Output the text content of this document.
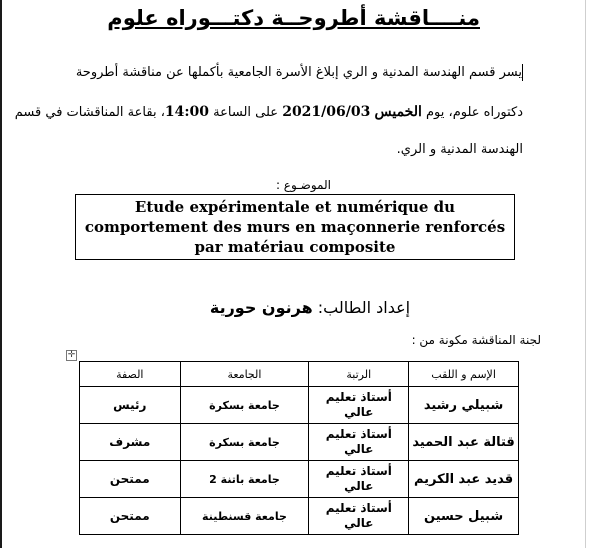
منــــاقشة أطروحــة دكتـــوراه علوم
يسر قسم الهندسة المدنية و الري إبلاغ الأسرة الجامعية بأكملها عن مناقشة أطروحة
دكتوراه علوم، يوم الخميس 2021/06/03 على الساعة 14:00، بقاعة المناقشات في قسم
الهندسة المدنية و الري.
الموضـوع :
Etude expérimentale et numérique du comportement des murs en maçonnerie renforcés par matériau composite
إعداد الطالب: هرنون حورية
لجنة المناقشة مكونة من :
✛
الإسم و اللقب	الرتبة	الجامعة	الصفة
شبيلي رشيد	أستاذ تعليم عالي	جامعة بسكرة	رئيس
قتالة عبد الحميد	أستاذ تعليم عالي	جامعة بسكرة	مشرف
قديد عبد الكريم	أستاذ تعليم عالي	جامعة باتنة 2	ممتحن
شبيل حسين	أستاذ تعليم عالي	جامعة قسنطينة	ممتحن
